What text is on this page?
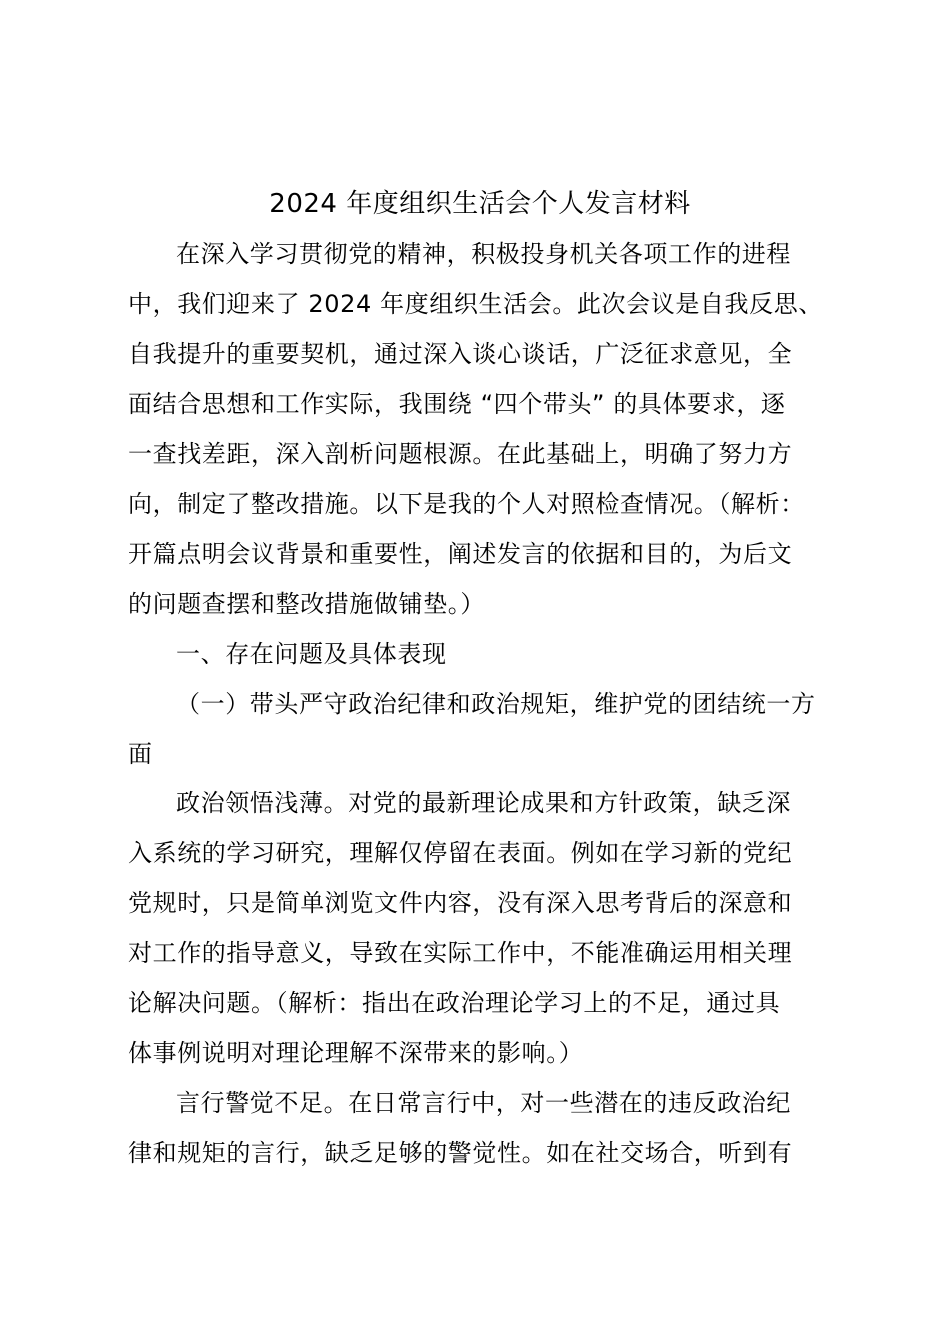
2024 年度组织生活会个人发言材料
在深入学习贯彻党的精神，积极投身机关各项工作的进程
中，我们迎来了 2024 年度组织生活会。此次会议是自我反思、
自我提升的重要契机，通过深入谈心谈话，广泛征求意见，全
面结合思想和工作实际，我围绕 “四个带头” 的具体要求，逐
一查找差距，深入剖析问题根源。在此基础上，明确了努力方
向，制定了整改措施。以下是我的个人对照检查情况。（解析：
开篇点明会议背景和重要性，阐述发言的依据和目的，为后文
的问题查摆和整改措施做铺垫。）
一、存在问题及具体表现
（一）带头严守政治纪律和政治规矩，维护党的团结统一方
面
政治领悟浅薄。对党的最新理论成果和方针政策，缺乏深
入系统的学习研究，理解仅停留在表面。例如在学习新的党纪
党规时，只是简单浏览文件内容，没有深入思考背后的深意和
对工作的指导意义，导致在实际工作中，不能准确运用相关理
论解决问题。（解析：指出在政治理论学习上的不足，通过具
体事例说明对理论理解不深带来的影响。）
言行警觉不足。在日常言行中，对一些潜在的违反政治纪
律和规矩的言行，缺乏足够的警觉性。如在社交场合，听到有
